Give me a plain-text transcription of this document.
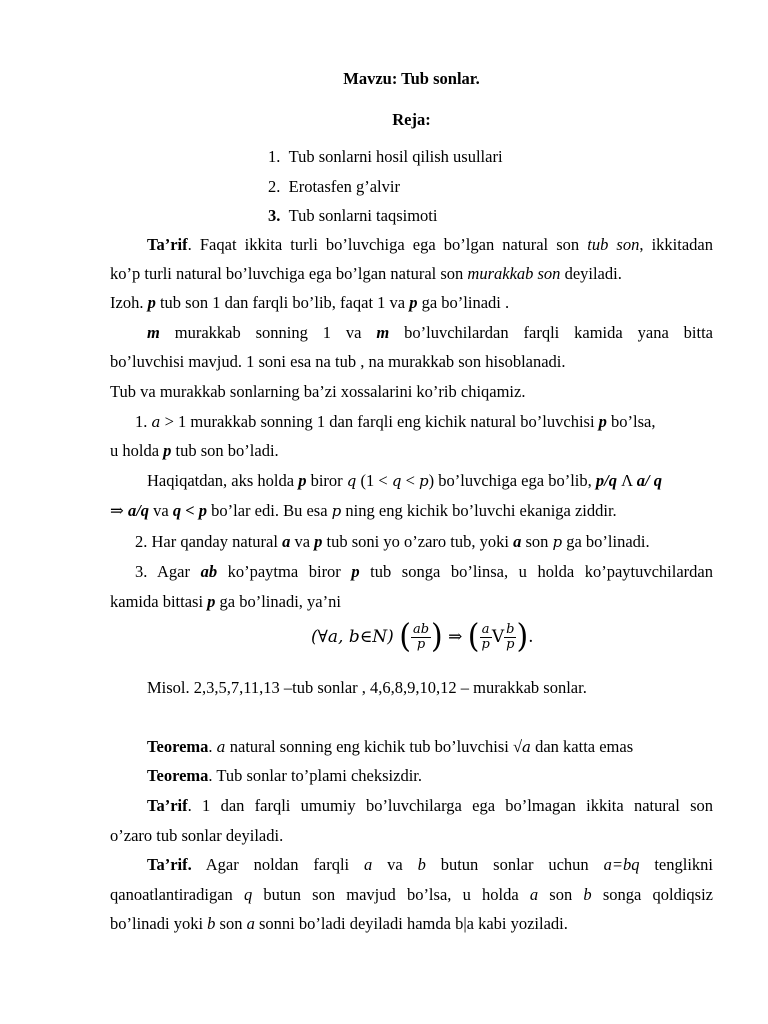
Mavzu: Tub sonlar.
Reja:
1. Tub sonlarni hosil qilish usullari
2. Erotasfen g’alvir
3. Tub sonlarni taqsimoti
Ta’rif. Faqat ikkita turli bo’luvchiga ega bo’lgan natural son tub son, ikkitadan
ko’p turli natural bo’luvchiga ega bo’lgan natural son murakkab son deyiladi.
Izoh. p tub son 1 dan farqli bo’lib, faqat 1 va p ga bo’linadi .
m murakkab sonning 1 va m bo’luvchilardan farqli kamida yana bitta
bo’luvchisi mavjud. 1 soni esa na tub , na murakkab son hisoblanadi.
Tub va murakkab sonlarning ba’zi xossalarini ko’rib chiqamiz.
1. a > 1 murakkab sonning 1 dan farqli eng kichik natural bo’luvchisi p bo’lsa,
u holda p tub son bo’ladi.
Haqiqatdan, aks holda p biror q (1 < q < p) bo’luvchiga ega bo’lib, p/q Λ a/ q
⇒ a/q va q < p bo’lar edi. Bu esa p ning eng kichik bo’luvchi ekaniga ziddir.
2. Har qanday natural a va p tub soni yo o’zaro tub, yoki a son p ga bo’linadi.
3. Agar ab ko’paytma biror p tub songa bo’linsa, u holda ko’paytuvchilardan
kamida bittasi p ga bo’linadi, ya’ni
(∀a, b∈N) ( $\frac{ab}{p}$ ) ⇒ ( $\frac{a}{p}$ V $\frac{b}{p}$ ).
Misol. 2,3,5,7,11,13 –tub sonlar , 4,6,8,9,10,12 – murakkab sonlar.
Teorema. a natural sonning eng kichik tub bo’luvchisi √a dan katta emas
Teorema. Tub sonlar to’plami cheksizdir.
Ta’rif. 1 dan farqli umumiy bo’luvchilarga ega bo’lmagan ikkita natural son
o’zaro tub sonlar deyiladi.
Ta’rif. Agar noldan farqli a va b butun sonlar uchun a=bq tenglikni
qanoatlantiradigan q butun son mavjud bo’lsa, u holda a son b songa qoldiqsiz
bo’linadi yoki b son a sonni bo’ladi deyiladi hamda b|a kabi yoziladi.
